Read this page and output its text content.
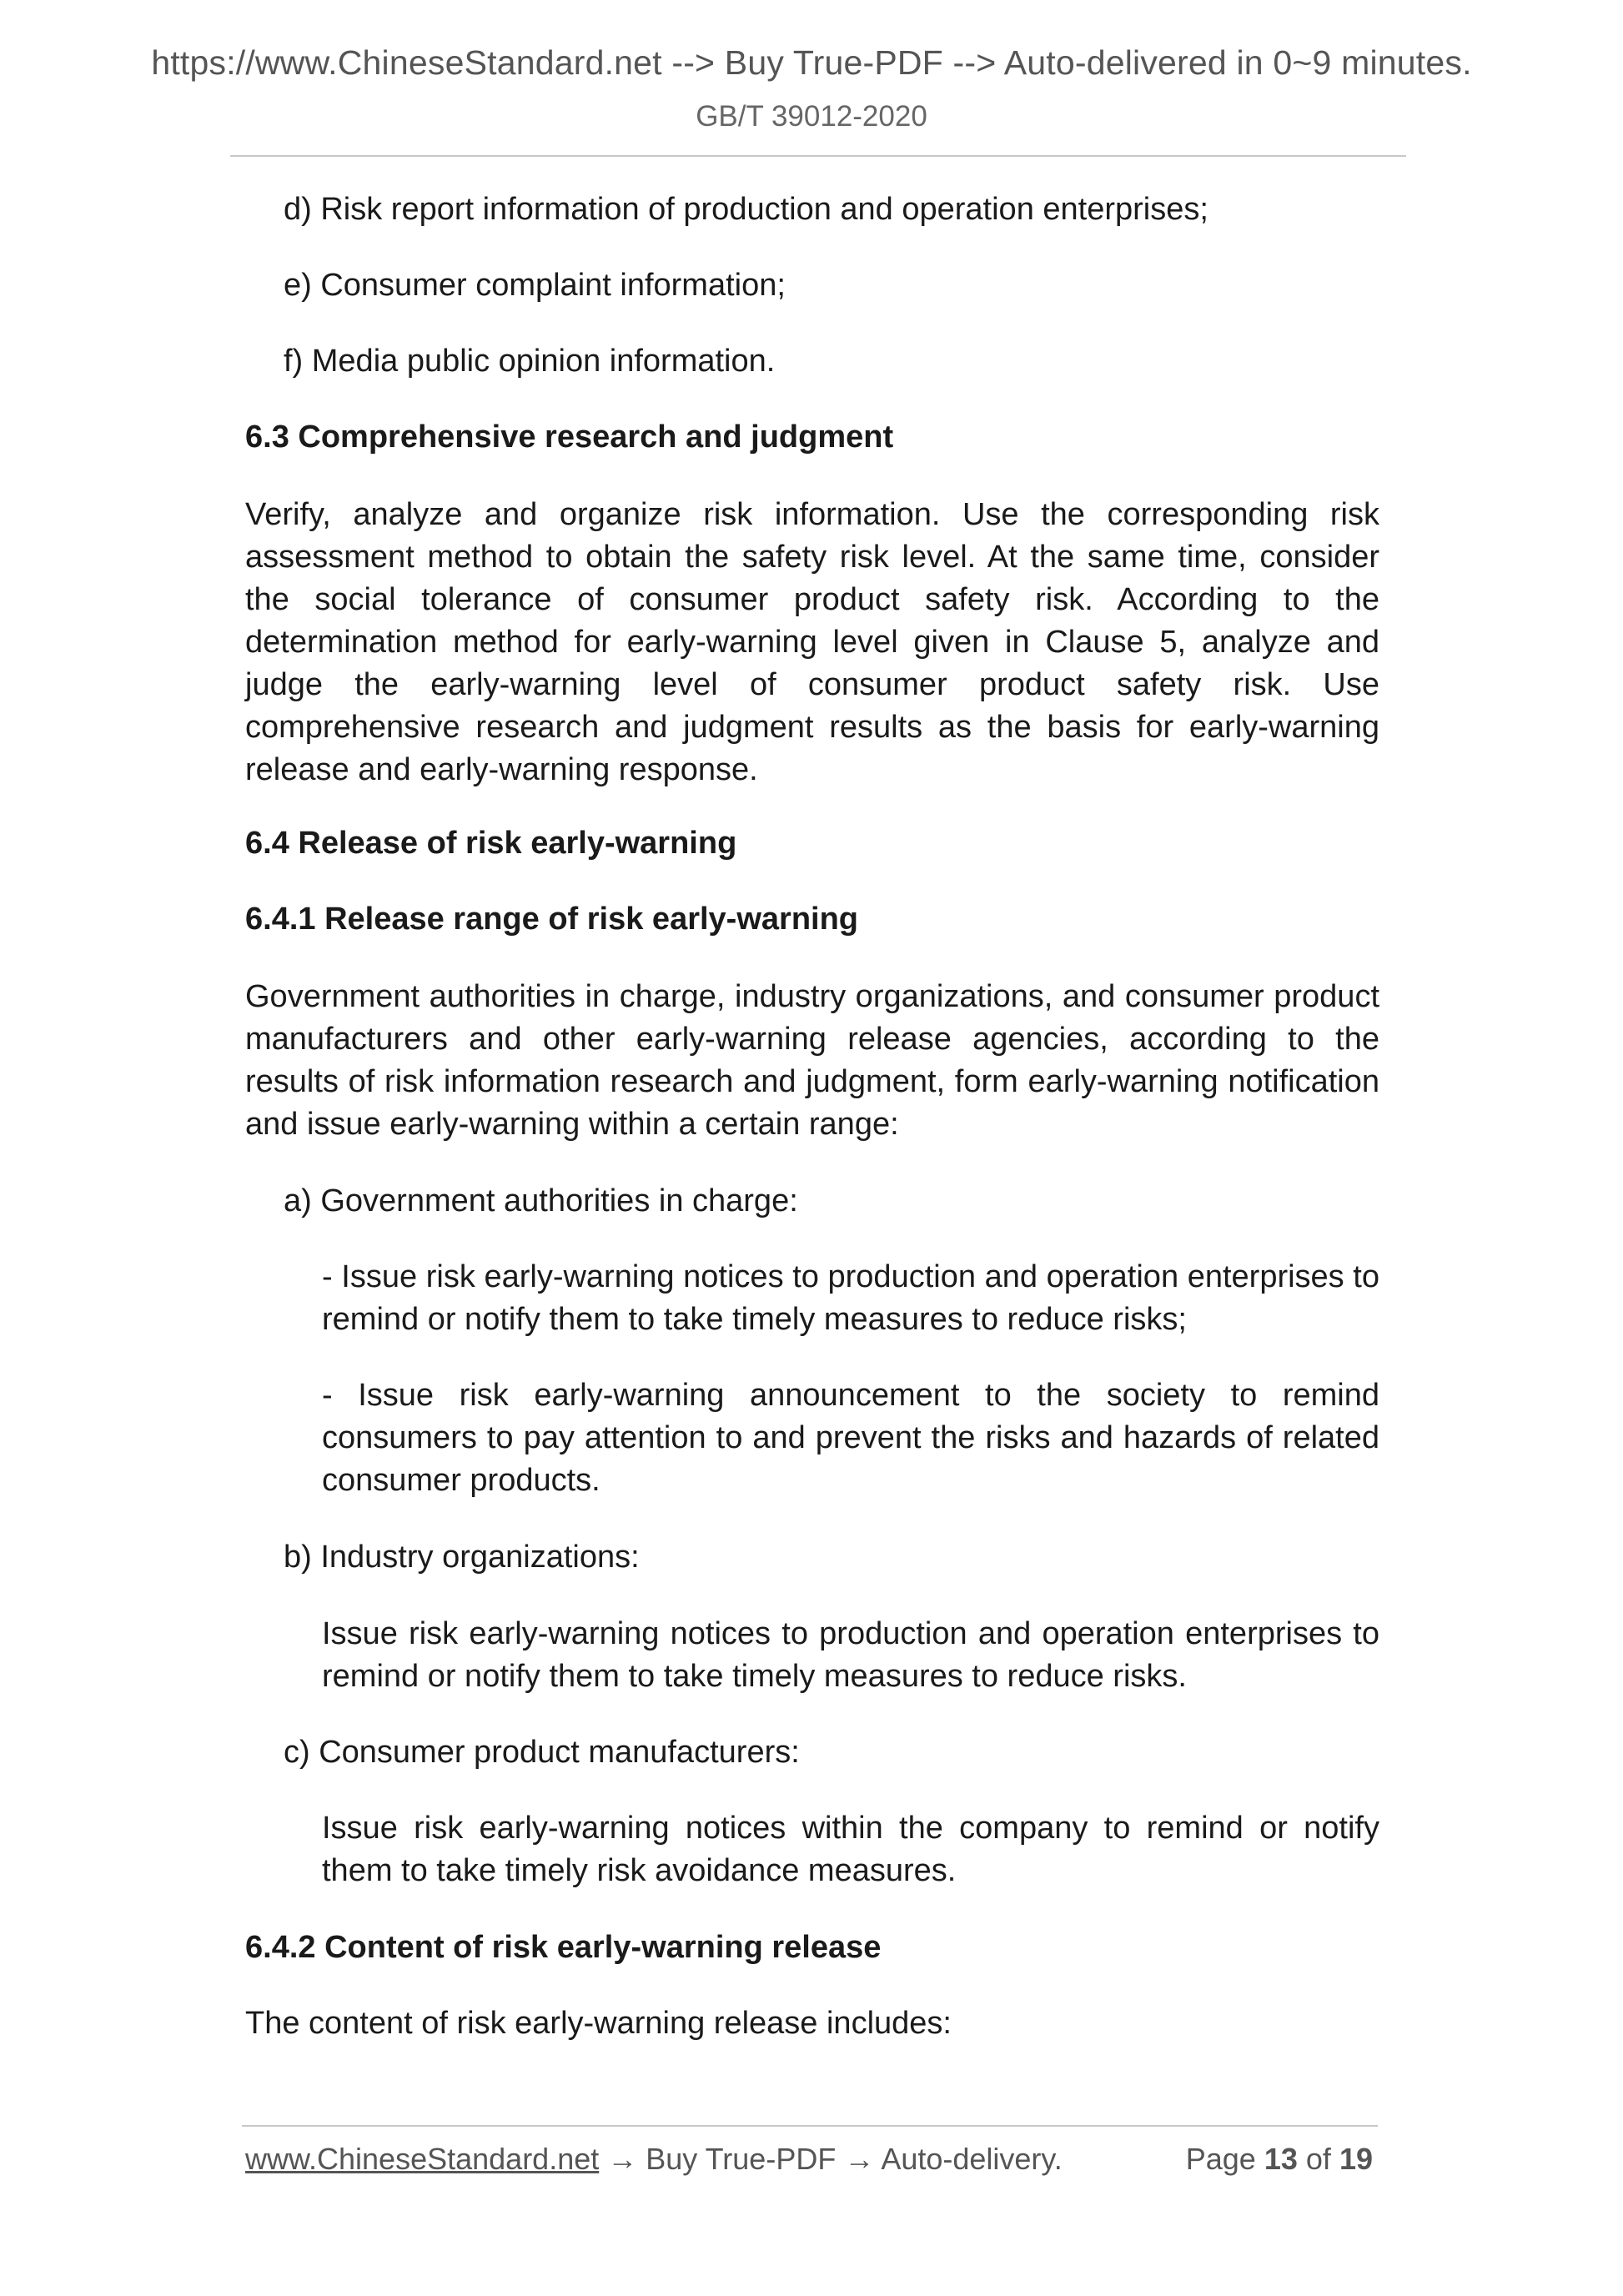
https://www.ChineseStandard.net --> Buy True-PDF --> Auto-delivered in 0~9 minutes.
GB/T 39012-2020
d) Risk report information of production and operation enterprises;
e) Consumer complaint information;
f) Media public opinion information.
6.3 Comprehensive research and judgment
Verify, analyze and organize risk information. Use the corresponding risk assessment method to obtain the safety risk level. At the same time, consider the social tolerance of consumer product safety risk. According to the determination method for early-warning level given in Clause 5, analyze and judge the early-warning level of consumer product safety risk. Use comprehensive research and judgment results as the basis for early-warning release and early-warning response.
6.4 Release of risk early-warning
6.4.1 Release range of risk early-warning
Government authorities in charge, industry organizations, and consumer product manufacturers and other early-warning release agencies, according to the results of risk information research and judgment, form early-warning notification and issue early-warning within a certain range:
a) Government authorities in charge:
- Issue risk early-warning notices to production and operation enterprises to remind or notify them to take timely measures to reduce risks;
- Issue risk early-warning announcement to the society to remind consumers to pay attention to and prevent the risks and hazards of related consumer products.
b) Industry organizations:
Issue risk early-warning notices to production and operation enterprises to remind or notify them to take timely measures to reduce risks.
c) Consumer product manufacturers:
Issue risk early-warning notices within the company to remind or notify them to take timely risk avoidance measures.
6.4.2 Content of risk early-warning release
The content of risk early-warning release includes:
www.ChineseStandard.net → Buy True-PDF → Auto-delivery.	Page 13 of 19
